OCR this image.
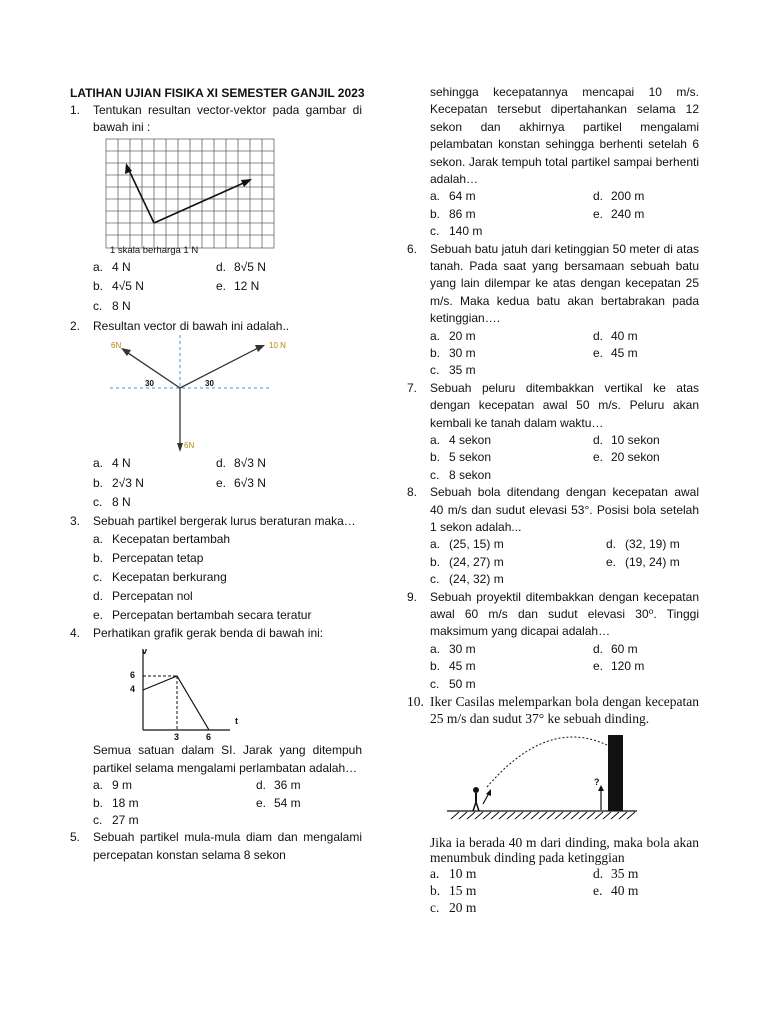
LATIHAN UJIAN FISIKA XI SEMESTER GANJIL 2023
1. Tentukan resultan vector-vektor pada gambar di bawah ini :
1 skala berharga 1 N
a. 4 N	d. 8√5 N
b. 4√5 N	e. 12 N
c. 8 N
2. Resultan vector di bawah ini adalah..
6N	10 N
6N
30	30
a. 4 N	d. 8√3 N
b. 2√3 N	e. 6√3 N
c. 8 N
3. Sebuah partikel bergerak lurus beraturan maka…
a. Kecepatan bertambah
b. Percepatan tetap
c. Kecepatan berkurang
d. Percepatan nol
e. Percepatan bertambah secara teratur
4. Perhatikan grafik gerak benda di bawah ini:
v
t
6
4
3	6
Semua satuan dalam SI. Jarak yang ditempuh partikel selama mengalami perlambatan adalah…
a. 9 m	d. 36 m
b. 18 m	e. 54 m
c. 27 m
5. Sebuah partikel mula-mula diam dan mengalami percepatan konstan selama 8 sekon
sehingga kecepatannya mencapai 10 m/s. Kecepatan tersebut dipertahankan selama 12 sekon dan akhirnya partikel mengalami pelambatan konstan sehingga berhenti setelah 6 sekon. Jarak tempuh total partikel sampai berhenti adalah…
a. 64 m	d. 200 m
b. 86 m	e. 240 m
c. 140 m
6. Sebuah batu jatuh dari ketinggian 50 meter di atas tanah. Pada saat yang bersamaan sebuah batu yang lain dilempar ke atas dengan kecepatan 25 m/s. Maka kedua batu akan bertabrakan pada ketinggian….
a. 20 m	d. 40 m
b. 30 m	e. 45 m
c. 35 m
7. Sebuah peluru ditembakkan vertikal ke atas dengan kecepatan awal 50 m/s. Peluru akan kembali ke tanah dalam waktu…
a. 4 sekon	d. 10 sekon
b. 5 sekon	e. 20 sekon
c. 8 sekon
8. Sebuah bola ditendang dengan kecepatan awal 40 m/s dan sudut elevasi 53°. Posisi bola setelah 1 sekon adalah...
a. (25, 15) m	d. (32, 19) m
b. (24, 27) m	e. (19, 24) m
c. (24, 32) m
9. Sebuah proyektil ditembakkan dengan kecepatan awal 60 m/s dan sudut elevasi 30⁰. Tinggi maksimum yang dicapai adalah…
a. 30 m	d. 60 m
b. 45 m	e. 120 m
c. 50 m
10. Iker Casilas melemparkan bola dengan kecepatan 25 m/s dan sudut 37° ke sebuah dinding.
?
Jika ia berada 40 m dari dinding, maka bola akan menumbuk dinding pada ketinggian
a. 10 m	d. 35 m
b. 15 m	e. 40 m
c. 20 m
